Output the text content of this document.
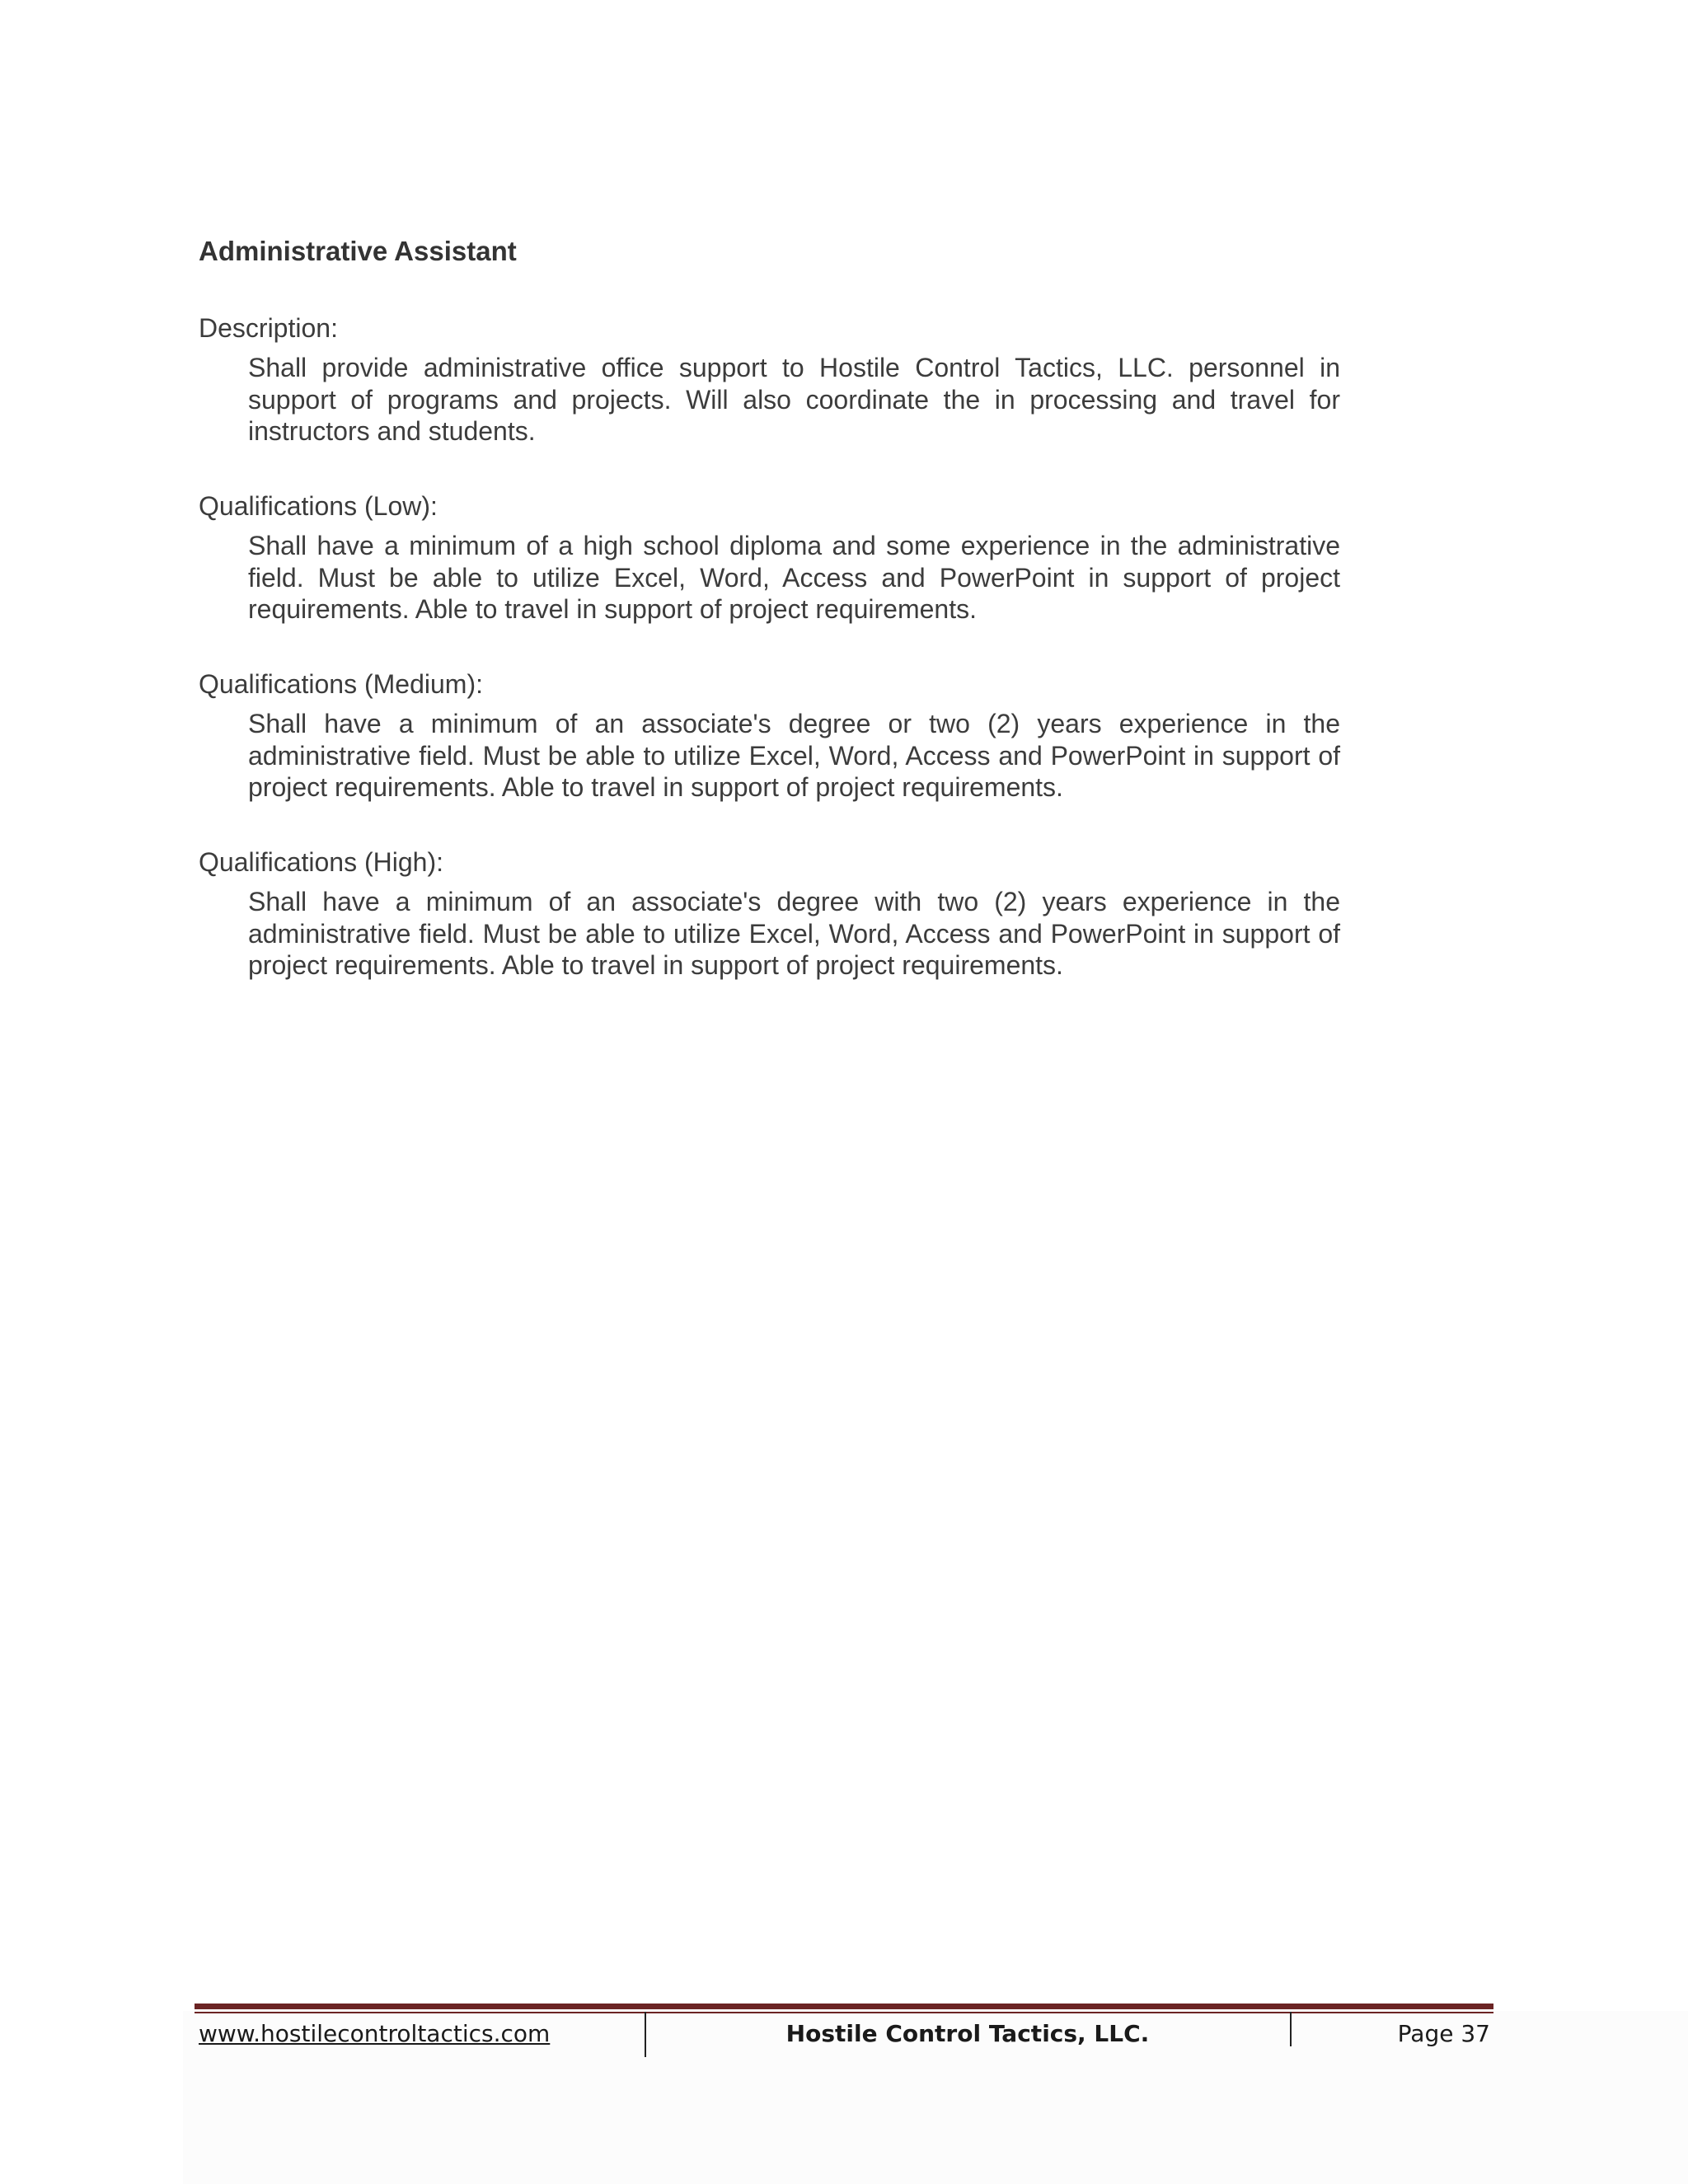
Administrative Assistant
Description:
Shall provide administrative office support to Hostile Control Tactics, LLC. personnel in support of programs and projects. Will also coordinate the in processing and travel for instructors and students.
Qualifications (Low):
Shall have a minimum of a high school diploma and some experience in the administrative field. Must be able to utilize Excel, Word, Access and PowerPoint in support of project requirements. Able to travel in support of project requirements.
Qualifications (Medium):
Shall have a minimum of an associate's degree or two (2) years experience in the administrative field. Must be able to utilize Excel, Word, Access and PowerPoint in support of project requirements. Able to travel in support of project requirements.
Qualifications (High):
Shall have a minimum of an associate's degree with two (2) years experience in the administrative field. Must be able to utilize Excel, Word, Access and PowerPoint in support of project requirements. Able to travel in support of project requirements.
www.hostilecontroltactics.com	Hostile Control Tactics, LLC.	Page 37
